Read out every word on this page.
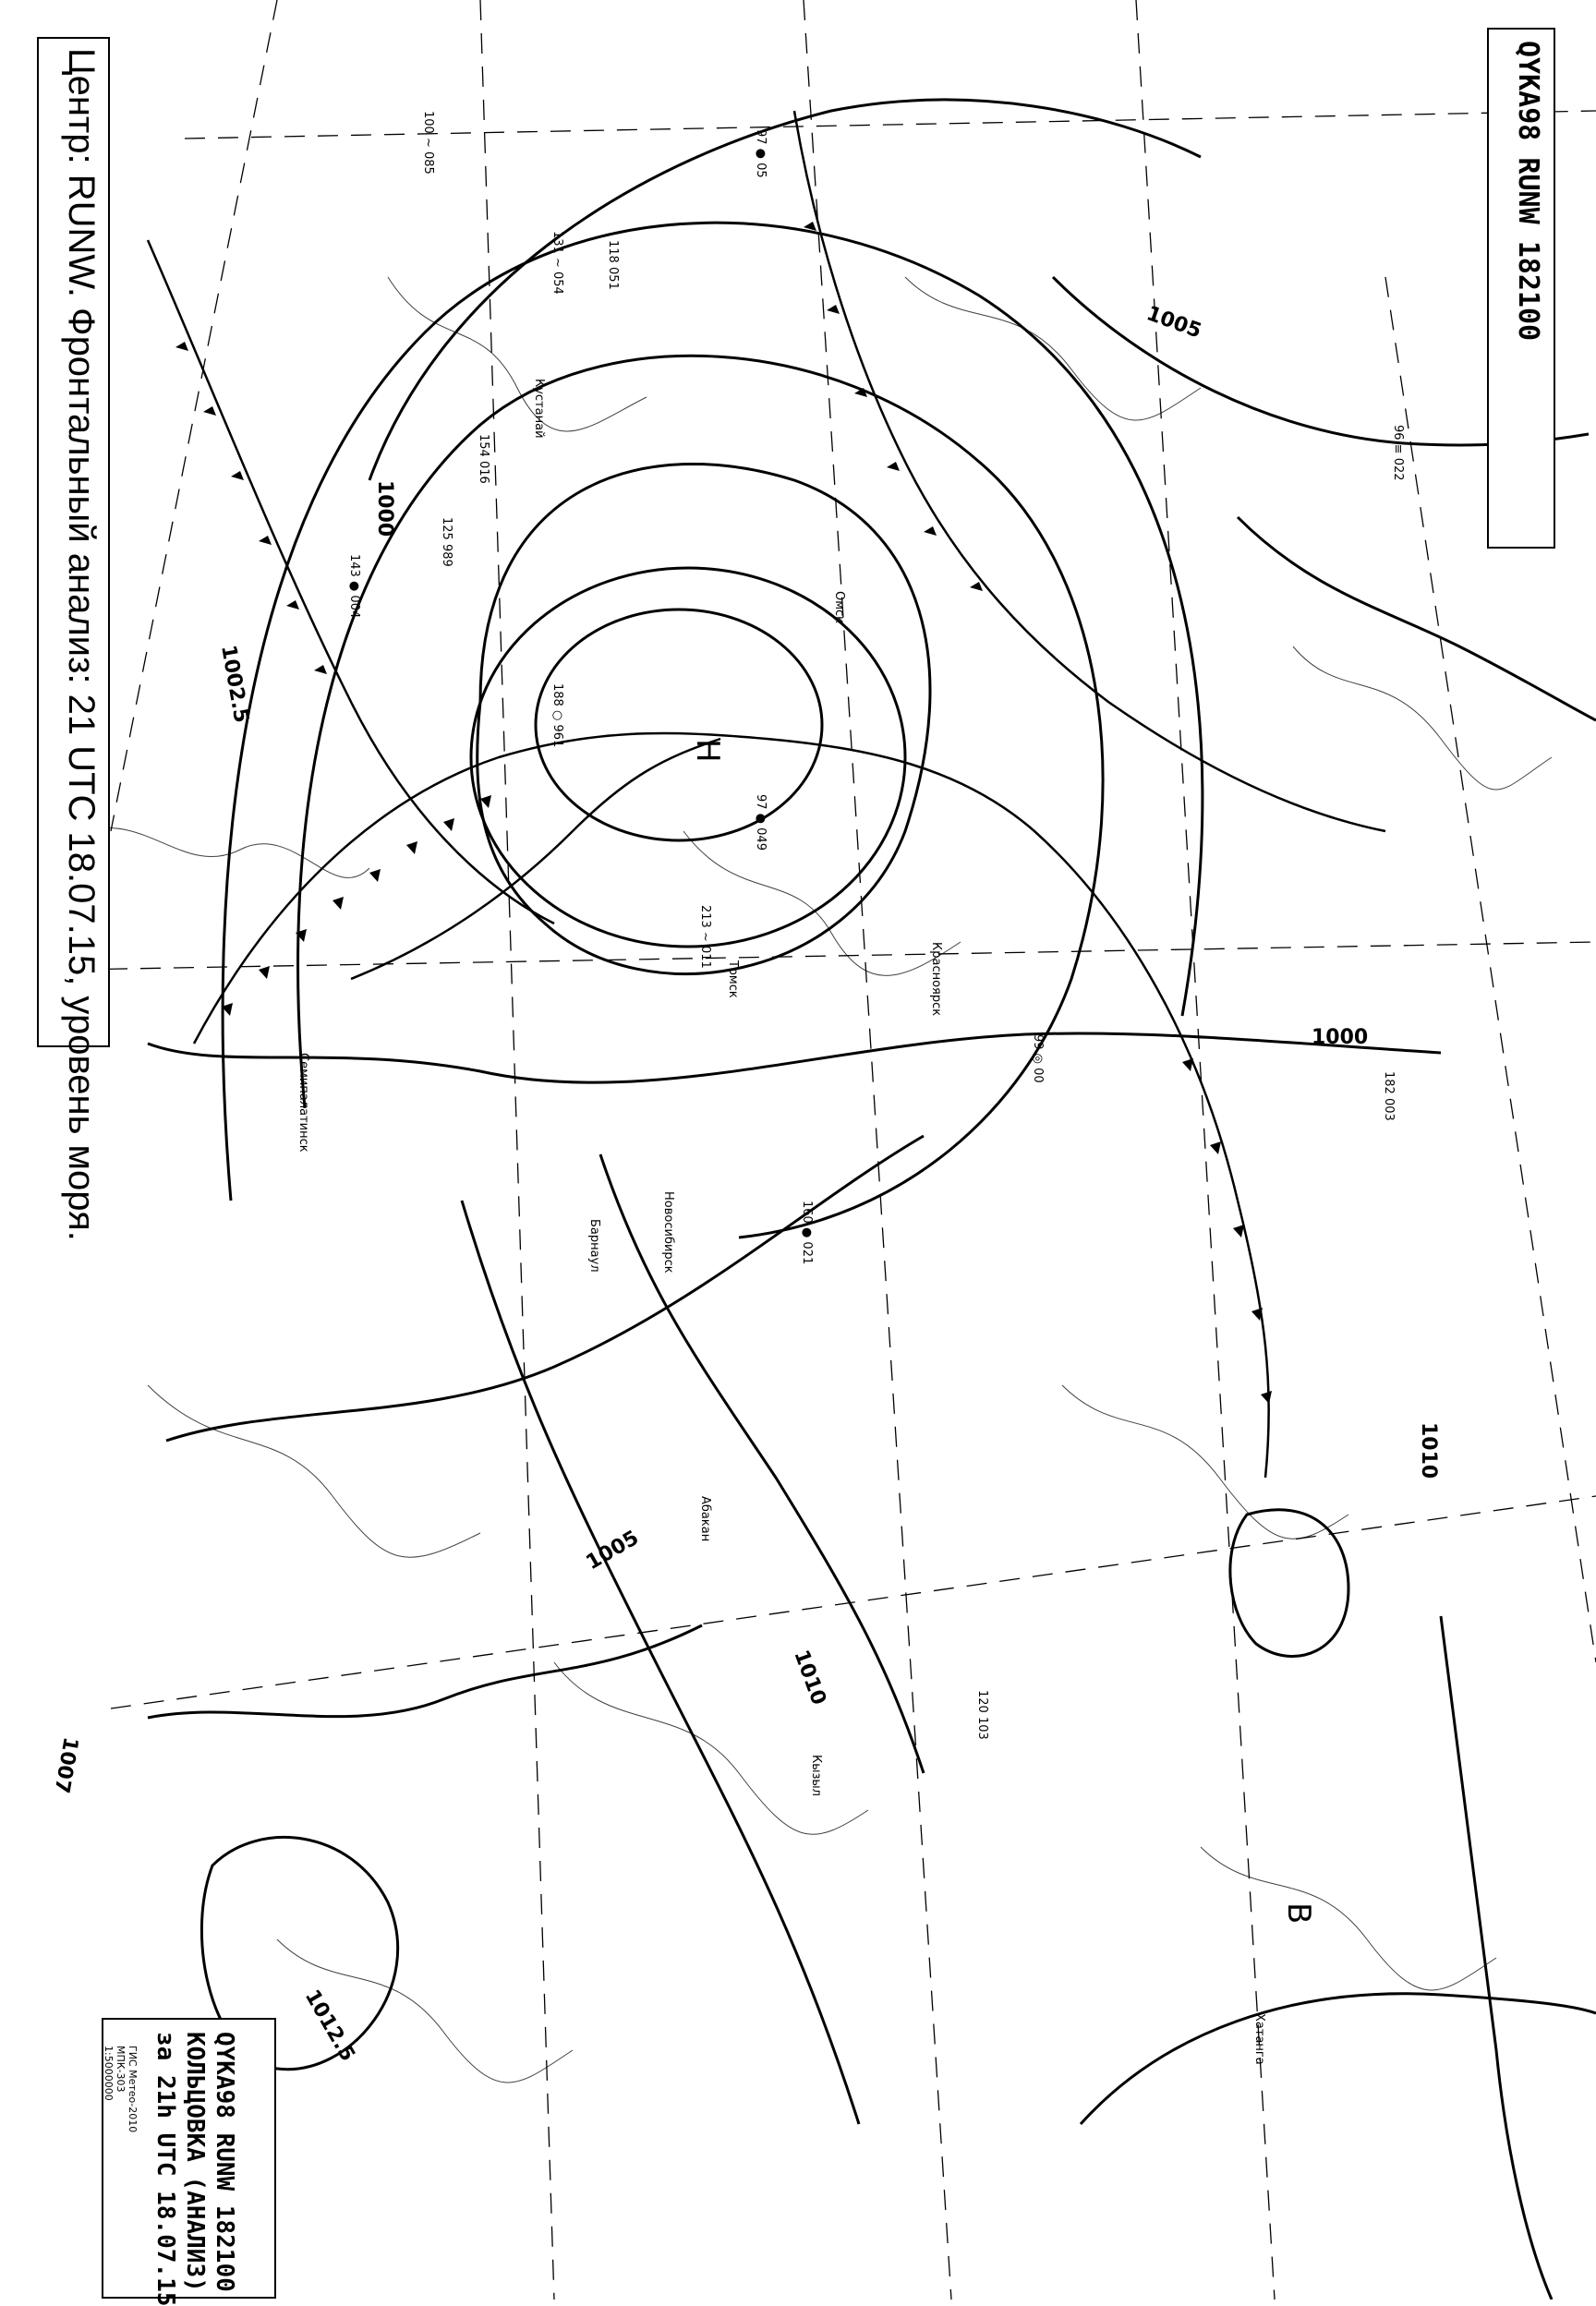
1000
1005
1010
1005
1010
1000
1007
1012.5
1002.5
Н
В
Кустанай
Омск
Новосибирск
Барнаул
Семипалатинск
Томск	Красноярск
Абакан
Кызыл
Хатанга
100 ~ 085	97 ● 05
118 051
96 ≡ 022
154 016
131 ∼ 054
125 989
143 ● 004
160 ● 021
97 ● 049
188 ○ 961
213 ∼ 011
99 ◎ 00
182 003
120 103
Центр: RUNW. Фронтальный анализ: 21 UTC 18.07.15, уровень моря.	QYKA98 RUNW 182100
QYKA98 RUNW 182100
КОЛЬЦОВКА (АНАЛИЗ)
за 21h UTC 18.07.15
ГИС Метео-2010
МПК-303
1:5000000
